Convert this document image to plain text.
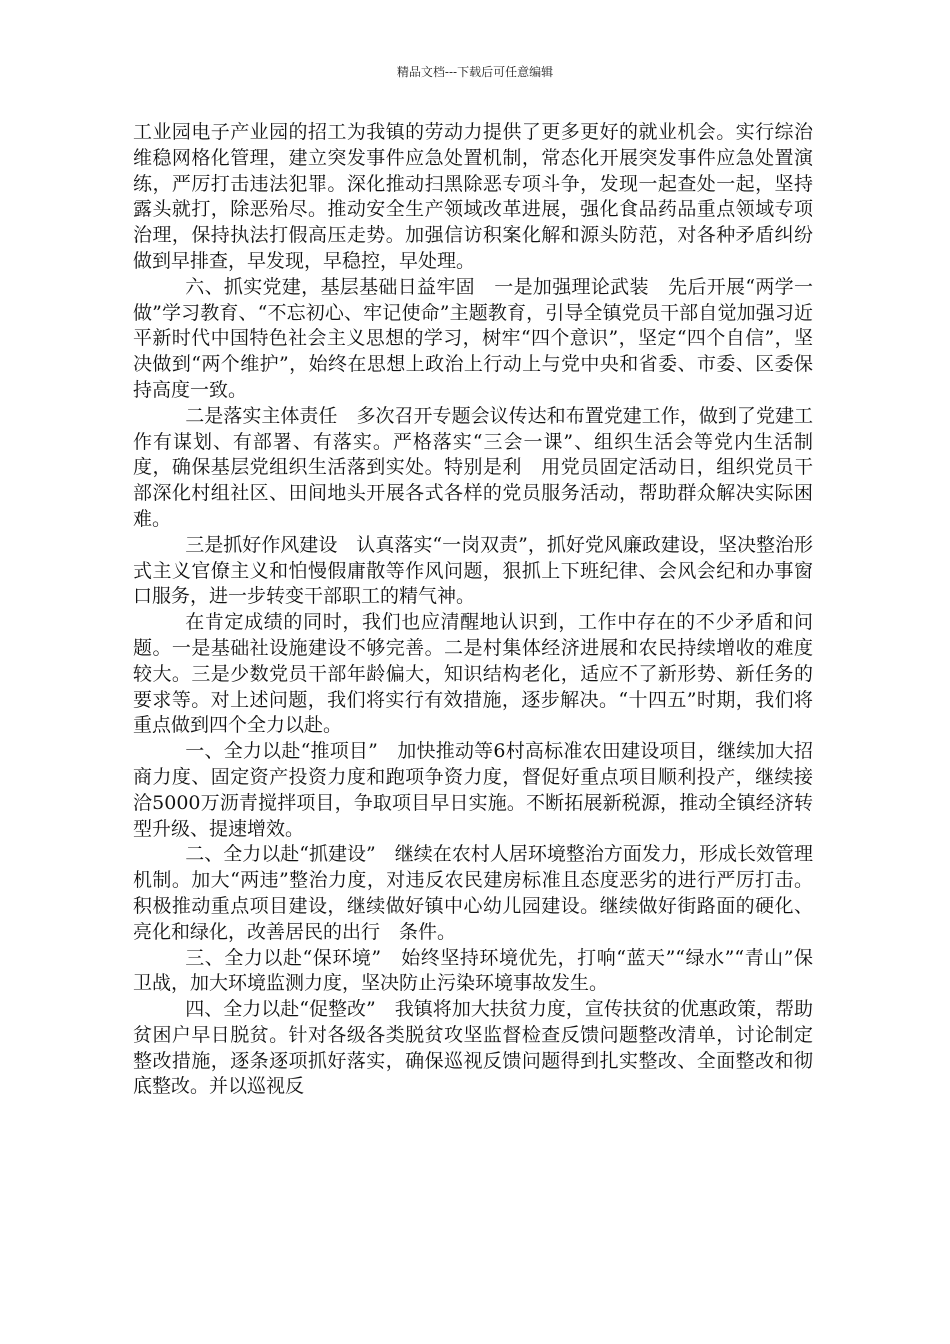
精品文档---下载后可任意编辑

工业园电子产业园的招工为我镇的劳动力提供了更多更好的就业机会。实行综治维稳网格化管理，建立突发事件应急处置机制，常态化开展突发事件应急处置演练，严厉打击违法犯罪。深化推动扫黑除恶专项斗争，发现一起查处一起，坚持露头就打，除恶殆尽。推动安全生产领域改革进展，强化食品药品重点领域专项治理，保持执法打假高压走势。加强信访积案化解和源头防范，对各种矛盾纠纷做到早排查，早发现，早稳控，早处理。

六、抓实党建，基层基础日益牢固　一是加强理论武装　先后开展“两学一做”学习教育、“不忘初心、牢记使命”主题教育，引导全镇党员干部自觉加强习近平新时代中国特色社会主义思想的学习，树牢“四个意识”，坚定“四个自信”，坚决做到“两个维护”，始终在思想上政治上行动上与党中央和省委、市委、区委保持高度一致。

二是落实主体责任　多次召开专题会议传达和布置党建工作，做到了党建工作有谋划、有部署、有落实。严格落实“三会一课”、组织生活会等党内生活制度，确保基层党组织生活落到实处。特别是利　用党员固定活动日，组织党员干部深化村组社区、田间地头开展各式各样的党员服务活动，帮助群众解决实际困难。

三是抓好作风建设　认真落实“一岗双责”，抓好党风廉政建设，坚决整治形式主义官僚主义和怕慢假庸散等作风问题，狠抓上下班纪律、会风会纪和办事窗口服务，进一步转变干部职工的精气神。

在肯定成绩的同时，我们也应清醒地认识到，工作中存在的不少矛盾和问题。一是基础社设施建设不够完善。二是村集体经济进展和农民持续增收的难度较大。三是少数党员干部年龄偏大，知识结构老化，适应不了新形势、新任务的要求等。对上述问题，我们将实行有效措施，逐步解决。“十四五”时期，我们将重点做到四个全力以赴。

一、全力以赴“推项目”　加快推动等6村高标准农田建设项目，继续加大招商力度、固定资产投资力度和跑项争资力度，督促好重点项目顺利投产，继续接洽5000万沥青搅拌项目，争取项目早日实施。不断拓展新税源，推动全镇经济转型升级、提速增效。

二、全力以赴“抓建设”　继续在农村人居环境整治方面发力，形成长效管理机制。加大“两违”整治力度，对违反农民建房标准且态度恶劣的进行严厉打击。积极推动重点项目建设，继续做好镇中心幼儿园建设。继续做好街路面的硬化、亮化和绿化，改善居民的出行　条件。

三、全力以赴“保环境”　始终坚持环境优先，打响“蓝天”“绿水”“青山”保卫战，加大环境监测力度，坚决防止污染环境事故发生。

四、全力以赴“促整改”　我镇将加大扶贫力度，宣传扶贫的优惠政策，帮助贫困户早日脱贫。针对各级各类脱贫攻坚监督检查反馈问题整改清单，讨论制定整改措施，逐条逐项抓好落实，确保巡视反馈问题得到扎实整改、全面整改和彻底整改。并以巡视反
